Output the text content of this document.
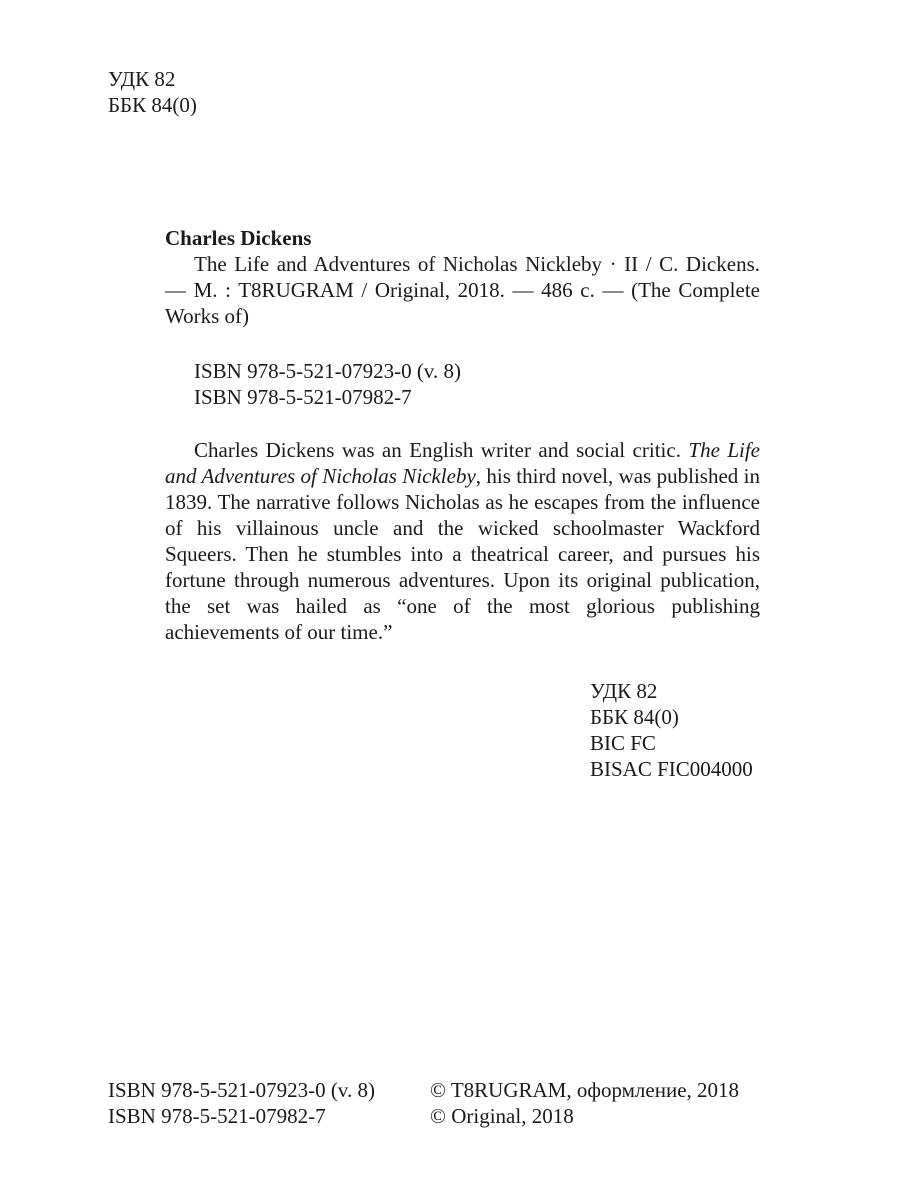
УДК 82
ББК 84(0)
Charles Dickens
The Life and Adventures of Nicholas Nickleby · II / C. Dickens. — M. : T8RUGRAM / Original, 2018. — 486 c. — (The Complete Works of)
ISBN 978-5-521-07923-0 (v. 8)
ISBN 978-5-521-07982-7

Charles Dickens was an English writer and social critic. The Life and Adventures of Nicholas Nickleby, his third novel, was published in 1839. The narrative follows Nicholas as he escapes from the influence of his villainous uncle and the wicked schoolmaster Wackford Squeers. Then he stumbles into a theatrical career, and pursues his fortune through numerous adventures. Upon its original publication, the set was hailed as “one of the most glorious publishing achievements of our time.”

УДК 82
ББК 84(0)
BIC FC
BISAC FIC004000
ISBN 978-5-521-07923-0 (v. 8)
ISBN 978-5-521-07982-7
© T8RUGRAM, оформление, 2018
© Original, 2018
